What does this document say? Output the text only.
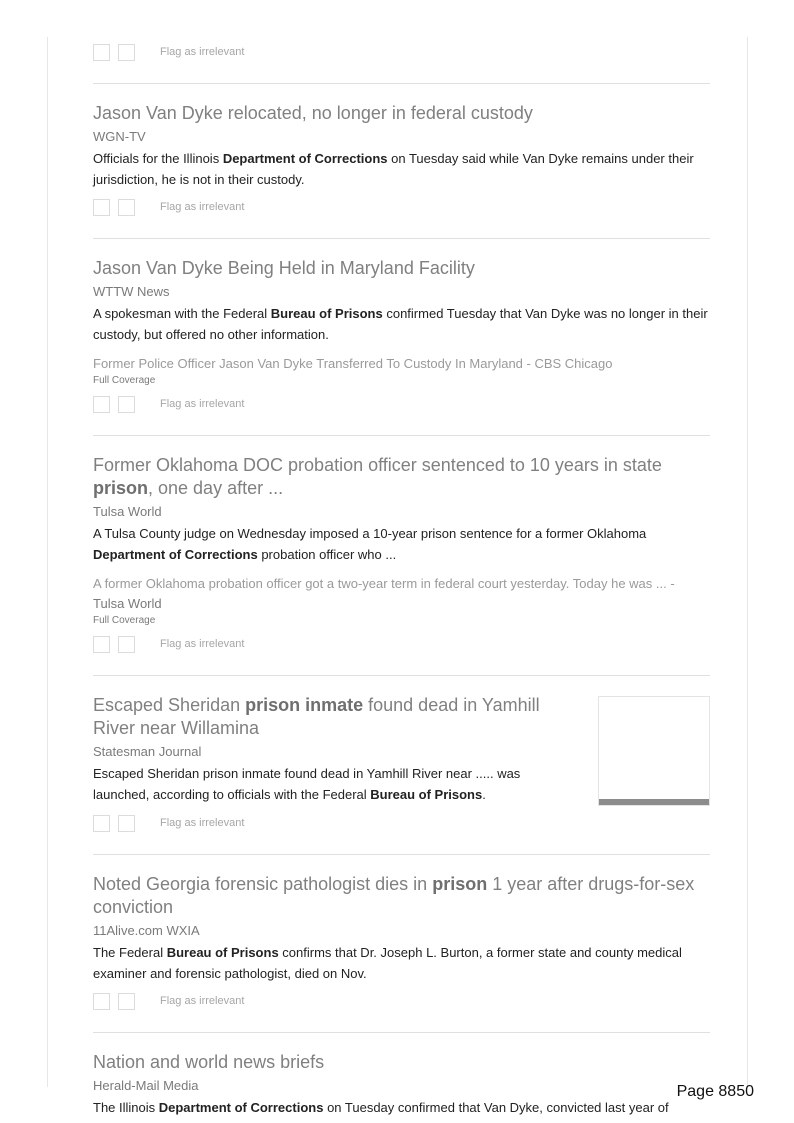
Flag as irrelevant
Jason Van Dyke relocated, no longer in federal custody
WGN-TV
Officials for the Illinois Department of Corrections on Tuesday said while Van Dyke remains under their jurisdiction, he is not in their custody.
Flag as irrelevant
Jason Van Dyke Being Held in Maryland Facility
WTTW News
A spokesman with the Federal Bureau of Prisons confirmed Tuesday that Van Dyke was no longer in their custody, but offered no other information.
Former Police Officer Jason Van Dyke Transferred To Custody In Maryland - CBS Chicago
Full Coverage
Flag as irrelevant
Former Oklahoma DOC probation officer sentenced to 10 years in state prison, one day after ...
Tulsa World
A Tulsa County judge on Wednesday imposed a 10-year prison sentence for a former Oklahoma Department of Corrections probation officer who ...
A former Oklahoma probation officer got a two-year term in federal court yesterday. Today he was ... -
Tulsa World
Full Coverage
Flag as irrelevant
Escaped Sheridan prison inmate found dead in Yamhill River near Willamina
Statesman Journal
Escaped Sheridan prison inmate found dead in Yamhill River near ..... was launched, according to officials with the Federal Bureau of Prisons.
Flag as irrelevant
Noted Georgia forensic pathologist dies in prison 1 year after drugs-for-sex conviction
11Alive.com WXIA
The Federal Bureau of Prisons confirms that Dr. Joseph L. Burton, a former state and county medical examiner and forensic pathologist, died on Nov.
Flag as irrelevant
Nation and world news briefs
Herald-Mail Media
The Illinois Department of Corrections on Tuesday confirmed that Van Dyke, convicted last year of
Page 8850
